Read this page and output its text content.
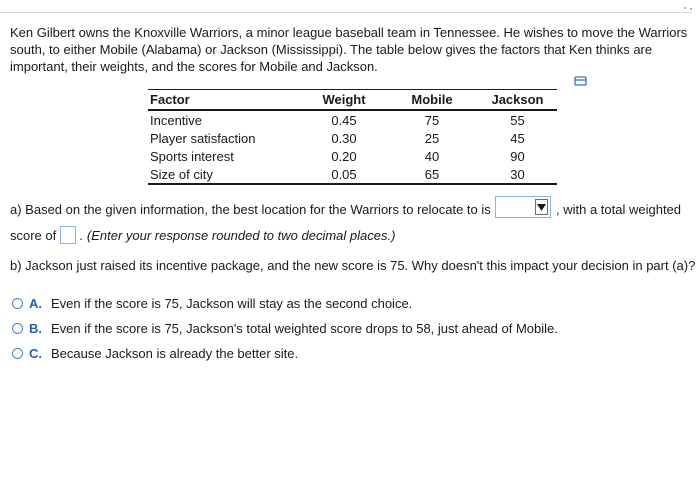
Ken Gilbert owns the Knoxville Warriors, a minor league baseball team in Tennessee. He wishes to move the Warriors south, to either Mobile (Alabama) or Jackson (Mississippi). The table below gives the factors that Ken thinks are important, their weights, and the scores for Mobile and Jackson.
Factor	Weight	Mobile	Jackson
Incentive	0.45	75	55
Player satisfaction	0.30	25	45
Sports interest	0.20	40	90
Size of city	0.05	65	30
a) Based on the given information, the best location for the Warriors to relocate to is	, with a total weighted
score of . (Enter your response rounded to two decimal places.)
b) Jackson just raised its incentive package, and the new score is 75. Why doesn't this impact your decision in part (a)?
A. Even if the score is 75, Jackson will stay as the second choice.
B. Even if the score is 75, Jackson's total weighted score drops to 58, just ahead of Mobile.
C. Because Jackson is already the better site.
